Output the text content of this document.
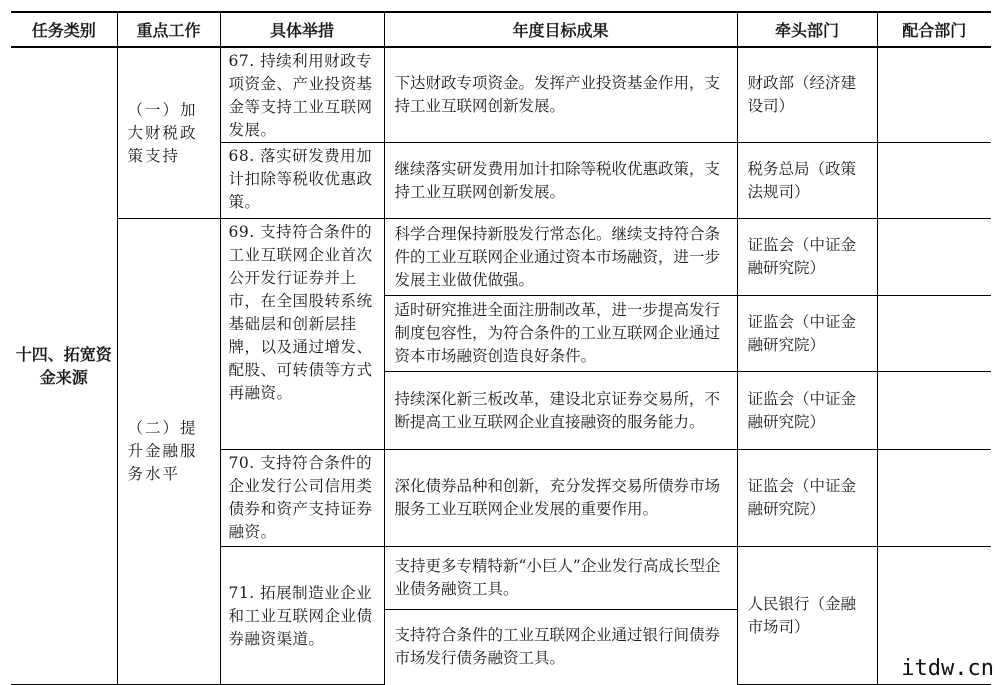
任务类别	重点工作	具体举措	年度目标成果	牵头部门	配合部门
十四、拓宽资金来源	（一）加大财税政策支持	67. 持续利用财政专项资金、产业投资基金等支持工业互联网发展。	下达财政专项资金。发挥产业投资基金作用，支持工业互联网创新发展。	财政部（经济建设司）	
		68. 落实研发费用加计扣除等税收优惠政策。	继续落实研发费用加计扣除等税收优惠政策，支持工业互联网创新发展。	税务总局（政策法规司）	
	（二）提升金融服务水平	69. 支持符合条件的工业互联网企业首次公开发行证券并上市，在全国股转系统基础层和创新层挂牌，以及通过增发、配股、可转债等方式再融资。	科学合理保持新股发行常态化。继续支持符合条件的工业互联网企业通过资本市场融资，进一步发展主业做优做强。	证监会（中证金融研究院）	
			适时研究推进全面注册制改革，进一步提高发行制度包容性，为符合条件的工业互联网企业通过资本市场融资创造良好条件。	证监会（中证金融研究院）	
			持续深化新三板改革，建设北京证券交易所，不断提高工业互联网企业直接融资的服务能力。	证监会（中证金融研究院）	
		70. 支持符合条件的企业发行公司信用类债券和资产支持证券融资。	深化债券品种和创新，充分发挥交易所债券市场服务工业互联网企业发展的重要作用。	证监会（中证金融研究院）	
		71. 拓展制造业企业和工业互联网企业债券融资渠道。	支持更多专精特新“小巨人”企业发行高成长型企业债务融资工具。	人民银行（金融市场司）	
			支持符合条件的工业互联网企业通过银行间债券市场发行债务融资工具。			itdw.cn
